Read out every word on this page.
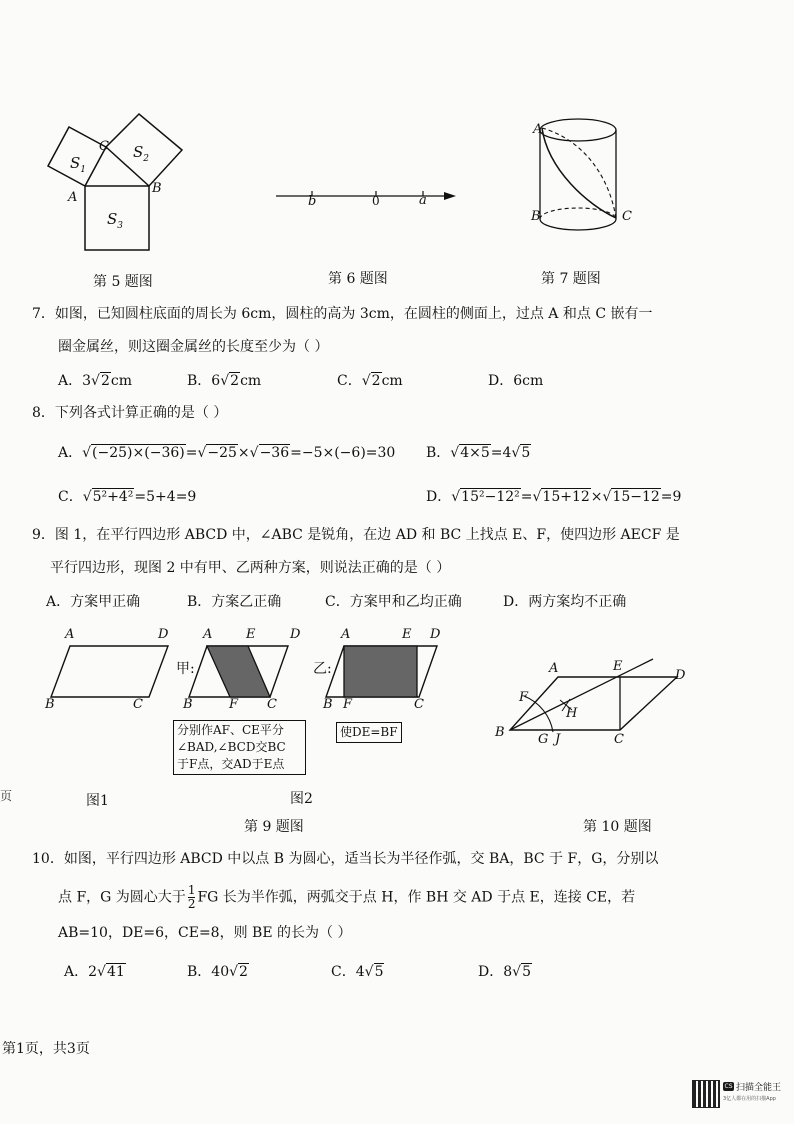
$S_1$
$S_2$
$S_3$
C
A
B
第 5 题图
b	0	a
第 6 题图
A
B	C
第 7 题图
7．如图，已知圆柱底面的周长为 6cm，圆柱的高为 3cm，在圆柱的侧面上，过点 A 和点 C 嵌有一
圈金属丝，则这圈金属丝的长度至少为（ ）
A．3√2cm	B．6√2cm	C．√2cm	D．6cm
8．下列各式计算正确的是（ ）
A．√(−25)×(−36)=√−25×√−36=−5×(−6)=30 B．√4×5=4√5
C．√5²+4²=5+4=9	D．√15²−12²=√15+12×√15−12=9
9．图 1，在平行四边形 ABCD 中，∠ABC 是锐角，在边 AD 和 BC 上找点 E、F，使四边形 AECF 是
平行四边形，现图 2 中有甲、乙两种方案，则说法正确的是（ ）
A．方案甲正确	B．方案乙正确	C．方案甲和乙均正确	D．两方案均不正确
A	D
B	C
甲:
A	E	D
B	F C
分别作AF、CE平分
∠BAD,∠BCD交BC
于F点，交AD于E点
乙:
A	E D
B F	C
使DE=BF
图1	图2
第 9 题图
A	E
D
F
H
B	G J	C
第 10 题图
10．如图，平行四边形 ABCD 中以点 B 为圆心，适当长为半径作弧，交 BA，BC 于 F，G，分别以
点 F，G 为圆心大于 $\frac{1}{2}$ FG 长为半作弧，两弧交于点 H，作 BH 交 AD 于点 E，连接 CE，若
AB=10，DE=6，CE=8，则 BE 的长为（ ）
A．2√41	B．40√2	C．4√5	D．8√5
页
第1页，共3页
CS 扫描全能王
3亿人都在用的扫描App
